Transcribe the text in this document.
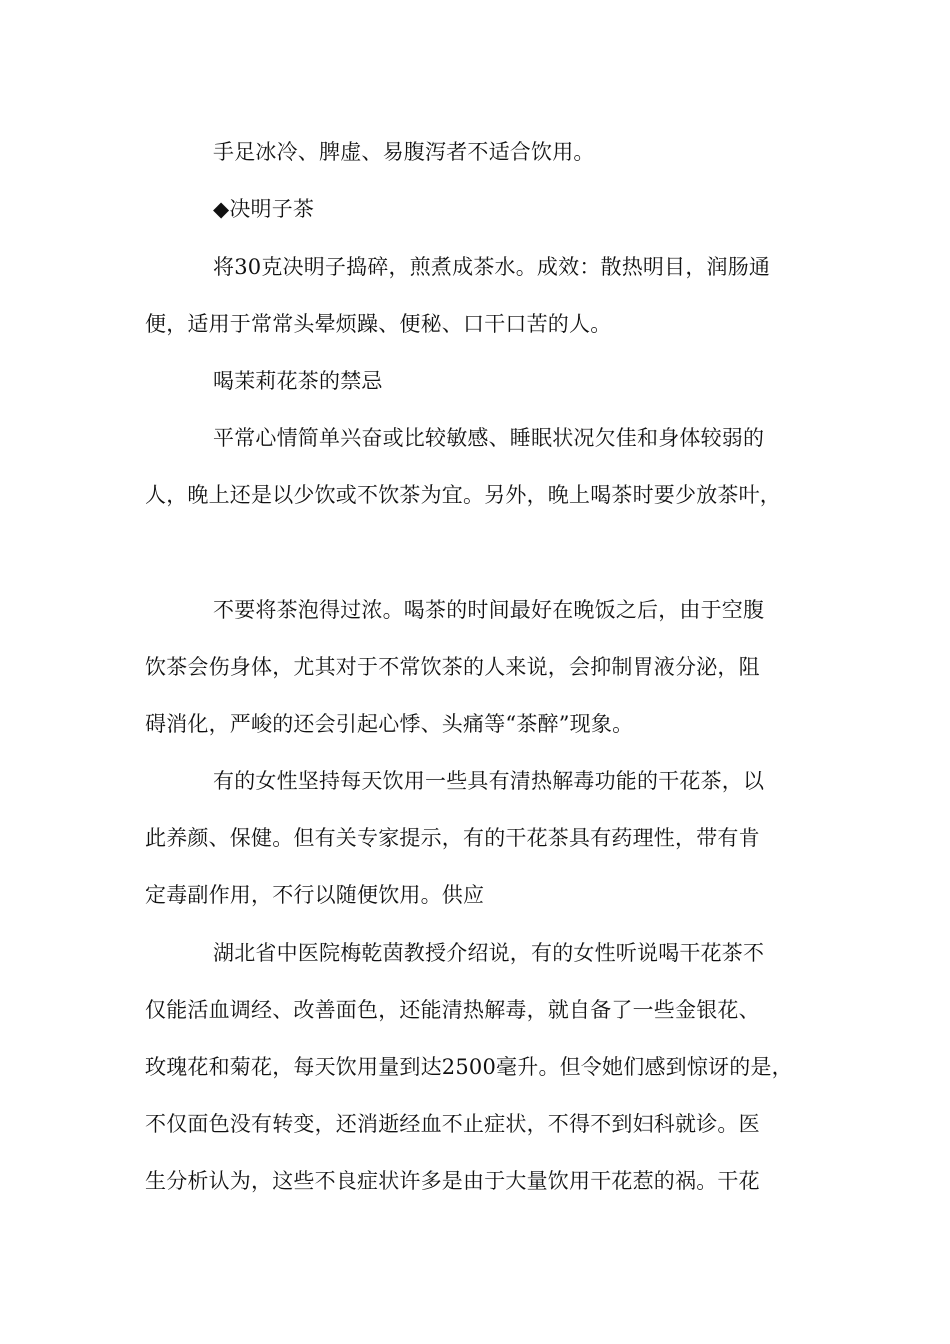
手足冰冷、脾虚、易腹泻者不适合饮用。
◆决明子茶
将30克决明子捣碎，煎煮成茶水。成效：散热明目，润肠通
便，适用于常常头晕烦躁、便秘、口干口苦的人。
喝茉莉花茶的禁忌
平常心情简单兴奋或比较敏感、睡眠状况欠佳和身体较弱的
人，晚上还是以少饮或不饮茶为宜。另外，晚上喝茶时要少放茶叶，
不要将茶泡得过浓。喝茶的时间最好在晚饭之后，由于空腹
饮茶会伤身体，尤其对于不常饮茶的人来说，会抑制胃液分泌，阻
碍消化，严峻的还会引起心悸、头痛等“茶醉”现象。
有的女性坚持每天饮用一些具有清热解毒功能的干花茶，以
此养颜、保健。但有关专家提示，有的干花茶具有药理性，带有肯
定毒副作用，不行以随便饮用。供应
湖北省中医院梅乾茵教授介绍说，有的女性听说喝干花茶不
仅能活血调经、改善面色，还能清热解毒，就自备了一些金银花、
玫瑰花和菊花，每天饮用量到达2500毫升。但令她们感到惊讶的是，
不仅面色没有转变，还消逝经血不止症状，不得不到妇科就诊。医
生分析认为，这些不良症状许多是由于大量饮用干花惹的祸。干花
